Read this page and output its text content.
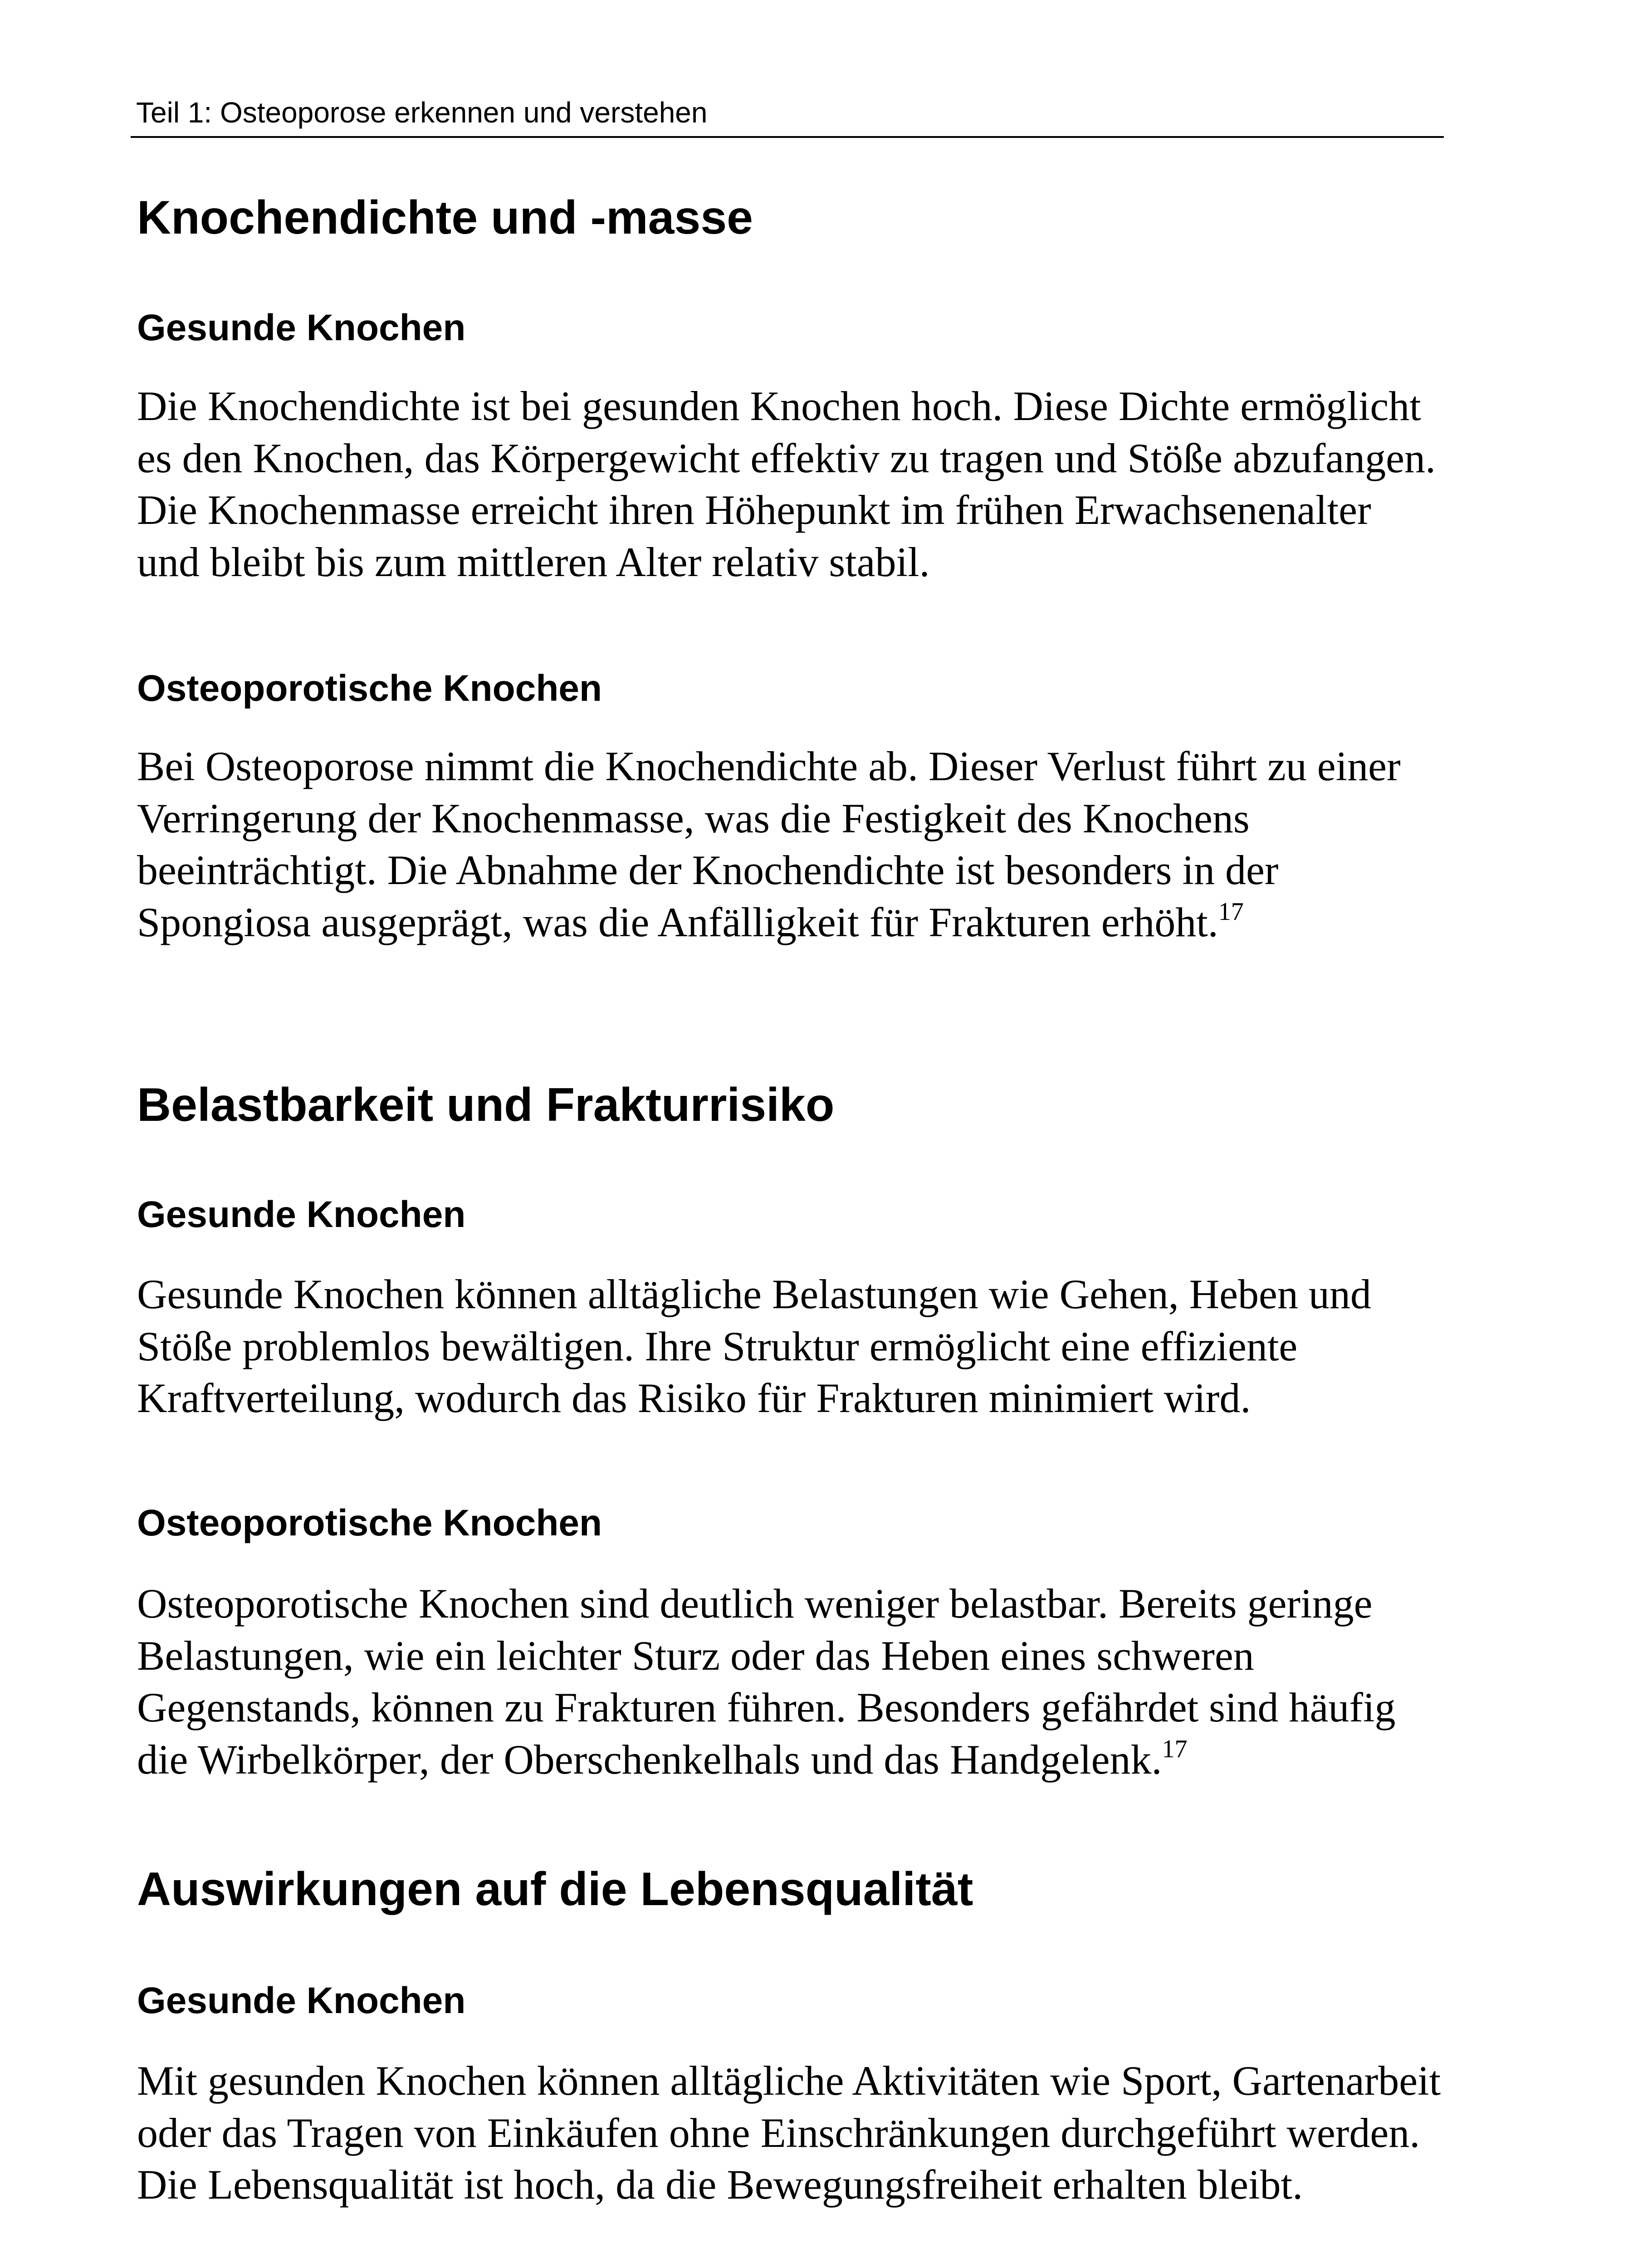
Teil 1: Osteoporose erkennen und verstehen
Knochendichte und -masse
Gesunde Knochen

Die Knochendichte ist bei gesunden Knochen hoch. Diese Dichte ermöglicht es den Knochen, das Körpergewicht effektiv zu tragen und Stöße abzufangen. Die Knochenmasse erreicht ihren Höhepunkt im frühen Erwachsenenalter und bleibt bis zum mittleren Alter relativ stabil.

Osteoporotische Knochen

Bei Osteoporose nimmt die Knochendichte ab. Dieser Verlust führt zu einer Verringerung der Knochenmasse, was die Festigkeit des Knochens beeinträchtigt. Die Abnahme der Knochendichte ist besonders in der Spongiosa ausgeprägt, was die Anfälligkeit für Frakturen erhöht.$^{17}$

Belastbarkeit und Frakturrisiko
Gesunde Knochen

Gesunde Knochen können alltägliche Belastungen wie Gehen, Heben und Stöße problemlos bewältigen. Ihre Struktur ermöglicht eine effiziente Kraftverteilung, wodurch das Risiko für Frakturen minimiert wird.

Osteoporotische Knochen

Osteoporotische Knochen sind deutlich weniger belastbar. Bereits geringe Belastungen, wie ein leichter Sturz oder das Heben eines schweren Gegenstands, können zu Frakturen führen. Besonders gefährdet sind häufig die Wirbelkörper, der Oberschenkelhals und das Handgelenk.$^{17}$

Auswirkungen auf die Lebensqualität
Gesunde Knochen

Mit gesunden Knochen können alltägliche Aktivitäten wie Sport, Gartenarbeit oder das Tragen von Einkäufen ohne Einschränkungen durchgeführt werden. Die Lebensqualität ist hoch, da die Bewegungsfreiheit erhalten bleibt.
